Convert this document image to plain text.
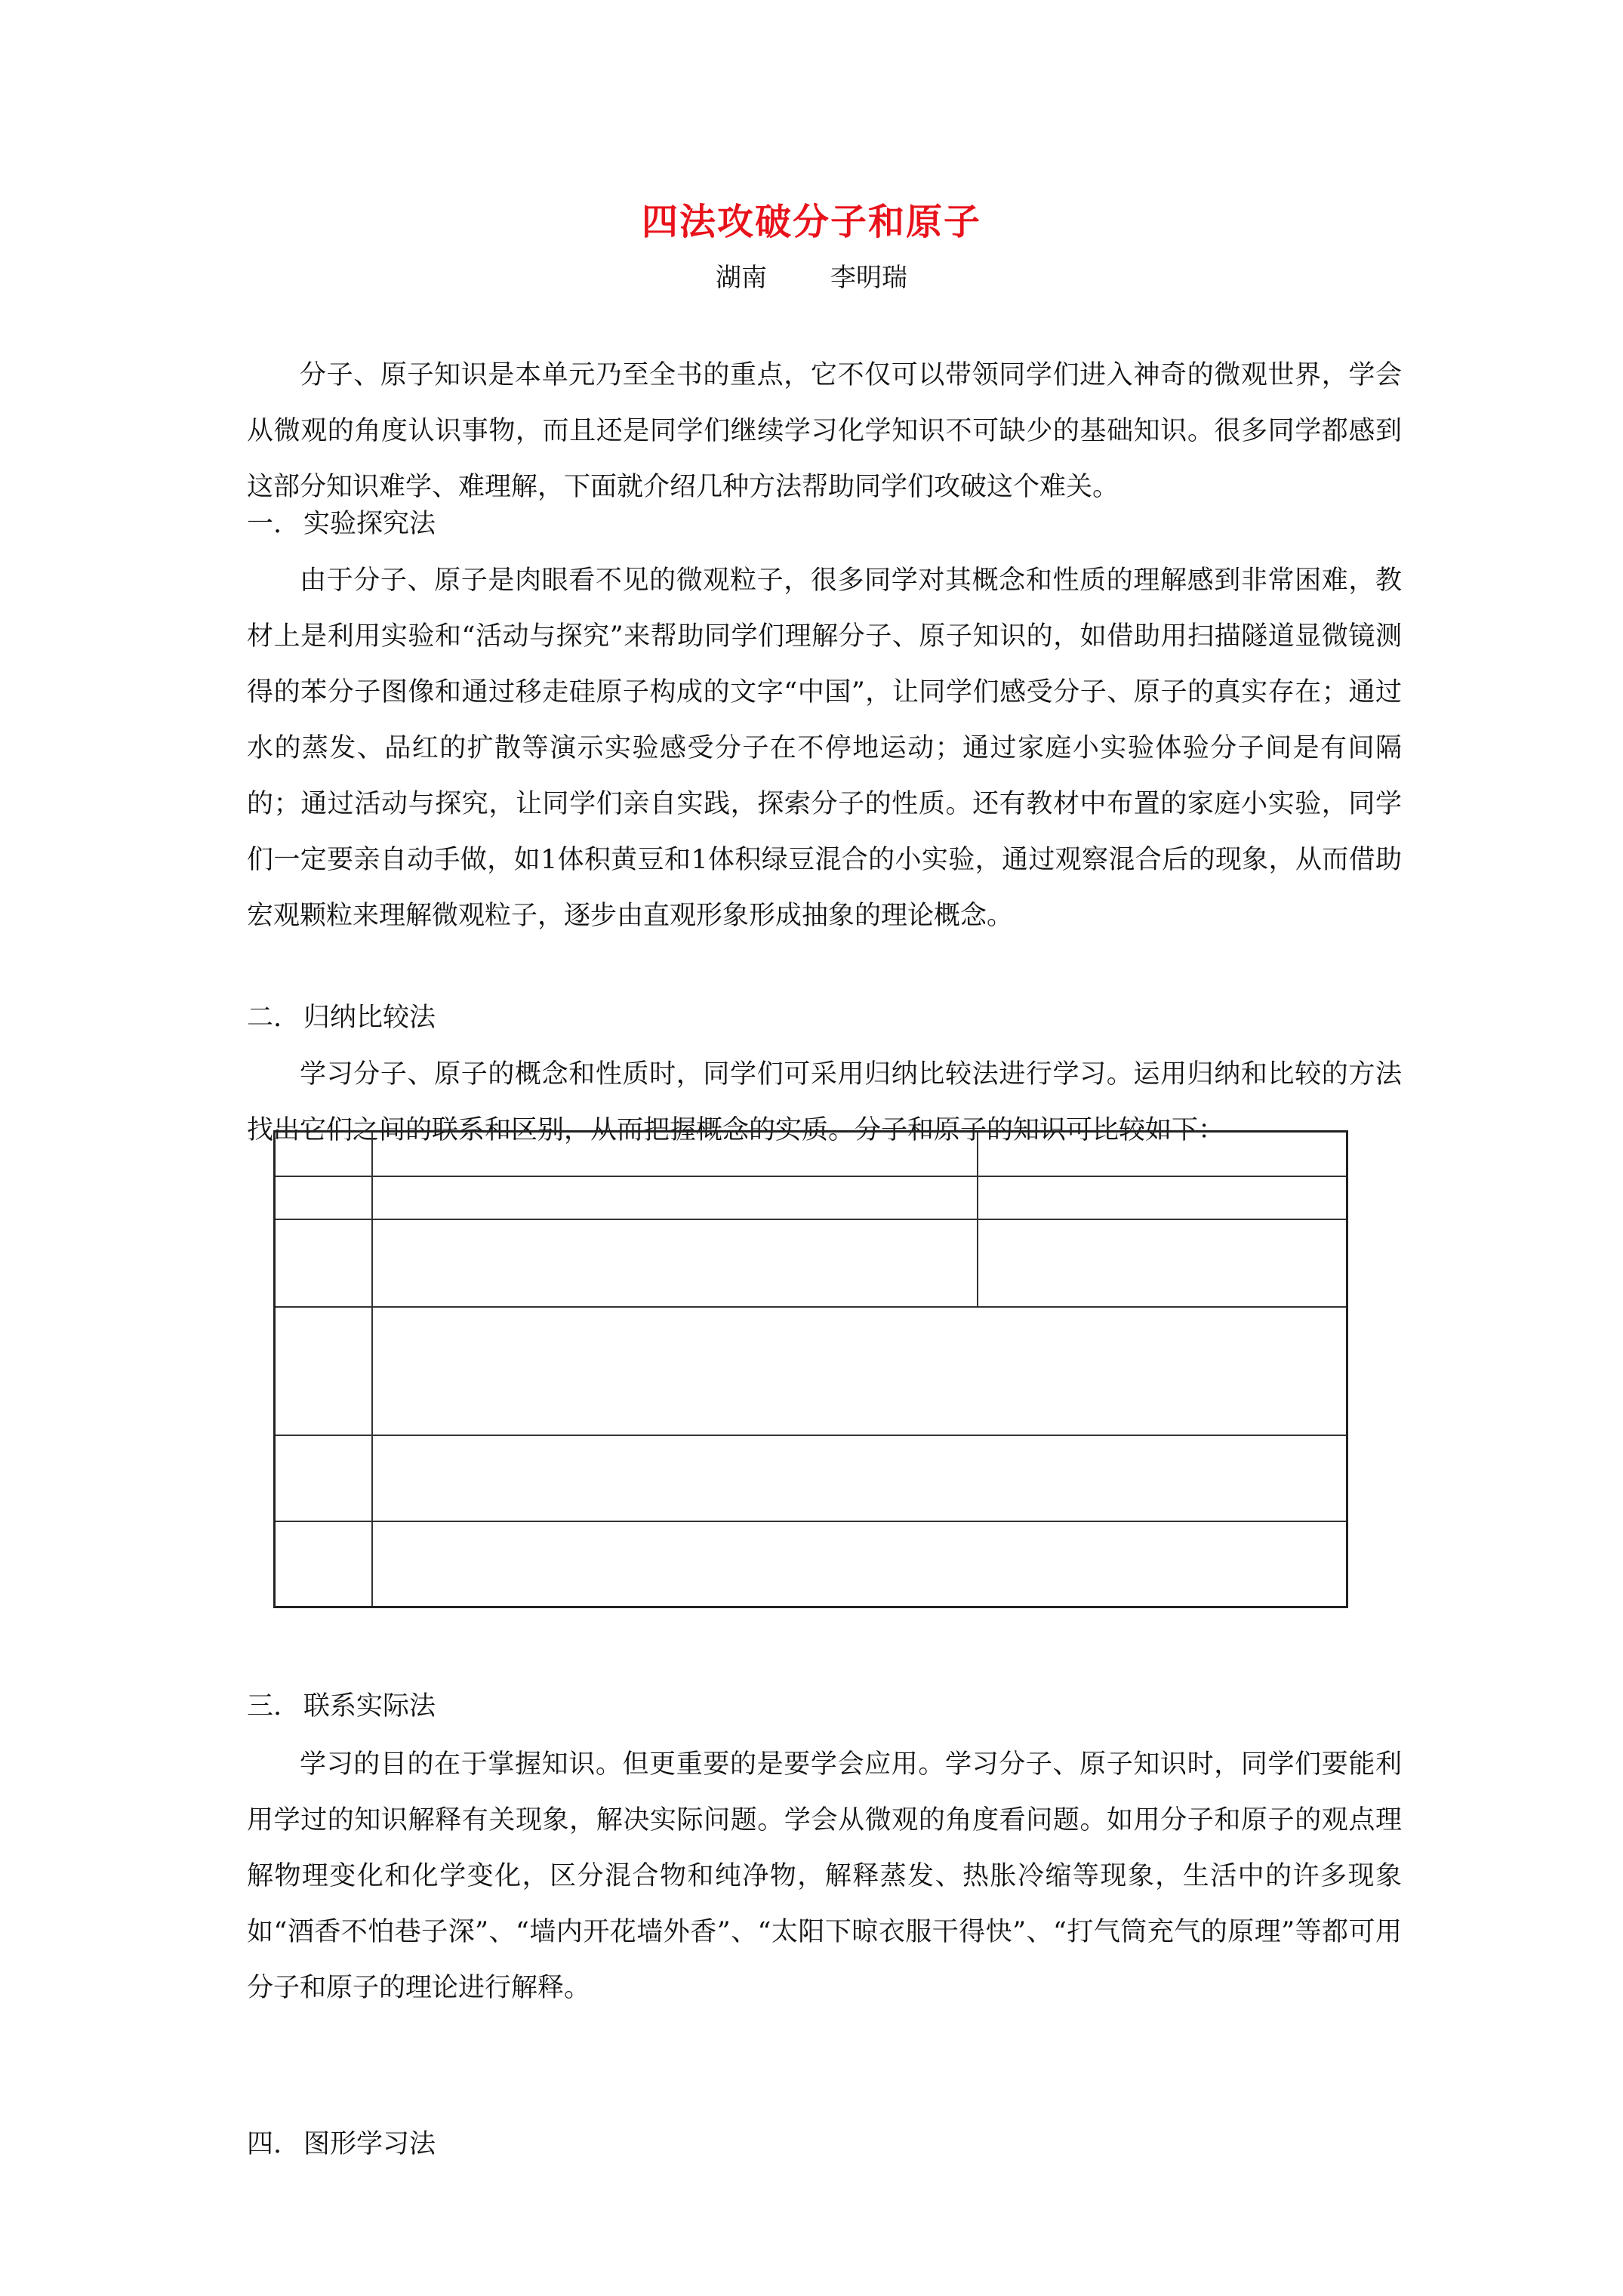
四法攻破分子和原子
湖南 李明瑞

分子、原子知识是本单元乃至全书的重点，它不仅可以带领同学们进入神奇的微观世界，学会从微观的角度认识事物，而且还是同学们继续学习化学知识不可缺少的基础知识。很多同学都感到这部分知识难学、难理解，下面就介绍几种方法帮助同学们攻破这个难关。

一. 实验探究法

由于分子、原子是肉眼看不见的微观粒子，很多同学对其概念和性质的理解感到非常困难，教材上是利用实验和“活动与探究”来帮助同学们理解分子、原子知识的，如借助用扫描隧道显微镜测得的苯分子图像和通过移走硅原子构成的文字“中国”，让同学们感受分子、原子的真实存在；通过水的蒸发、品红的扩散等演示实验感受分子在不停地运动；通过家庭小实验体验分子间是有间隔的；通过活动与探究，让同学们亲自实践，探索分子的性质。还有教材中布置的家庭小实验，同学们一定要亲自动手做，如1体积黄豆和1体积绿豆混合的小实验，通过观察混合后的现象，从而借助宏观颗粒来理解微观粒子，逐步由直观形象形成抽象的理论概念。

二. 归纳比较法

学习分子、原子的概念和性质时，同学们可采用归纳比较法进行学习。运用归纳和比较的方法找出它们之间的联系和区别，从而把握概念的实质。分子和原子的知识可比较如下：

三. 联系实际法

学习的目的在于掌握知识。但更重要的是要学会应用。学习分子、原子知识时，同学们要能利用学过的知识解释有关现象，解决实际问题。学会从微观的角度看问题。如用分子和原子的观点理解物理变化和化学变化，区分混合物和纯净物，解释蒸发、热胀冷缩等现象，生活中的许多现象如“酒香不怕巷子深”、“墙内开花墙外香”、“太阳下晾衣服干得快”、“打气筒充气的原理”等都可用分子和原子的理论进行解释。

四. 图形学习法
